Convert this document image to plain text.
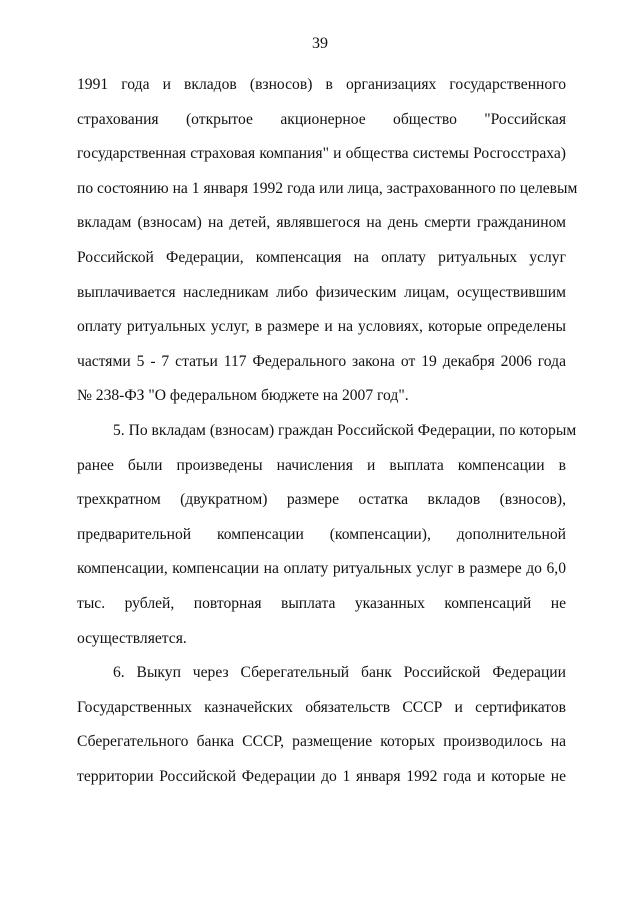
39
1991 года и вкладов (взносов) в организациях государственного
страхования (открытое акционерное общество "Российская
государственная страховая компания" и общества системы Росгосстраха)
по состоянию на 1 января 1992 года или лица, застрахованного по целевым
вкладам (взносам) на детей, являвшегося на день смерти гражданином
Российской Федерации, компенсация на оплату ритуальных услуг
выплачивается наследникам либо физическим лицам, осуществившим
оплату ритуальных услуг, в размере и на условиях, которые определены
частями 5 - 7 статьи 117 Федерального закона от 19 декабря 2006 года
№ 238-ФЗ "О федеральном бюджете на 2007 год".
5. По вкладам (взносам) граждан Российской Федерации, по которым
ранее были произведены начисления и выплата компенсации в
трехкратном (двукратном) размере остатка вкладов (взносов),
предварительной компенсации (компенсации), дополнительной
компенсации, компенсации на оплату ритуальных услуг в размере до 6,0
тыс. рублей, повторная выплата указанных компенсаций не
осуществляется.
6. Выкуп через Сберегательный банк Российской Федерации
Государственных казначейских обязательств СССР и сертификатов
Сберегательного банка СССР, размещение которых производилось на
территории Российской Федерации до 1 января 1992 года и которые не
